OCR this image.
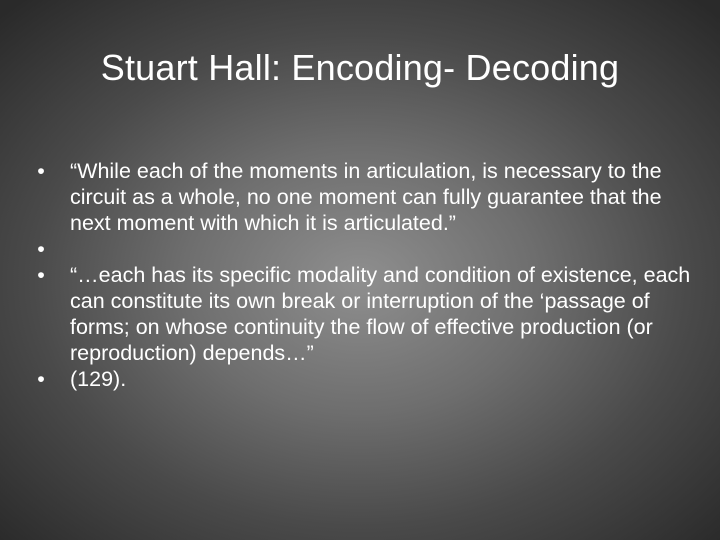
Stuart Hall: Encoding- Decoding
• “While each of the moments in articulation, is necessary to the circuit as a whole, no one moment can fully guarantee that the next moment with which it is articulated.”
•
• “…each has its specific modality and condition of existence, each can constitute its own break or interruption of the ‘passage of forms; on whose continuity the flow of effective production (or reproduction) depends…”
• (129).
